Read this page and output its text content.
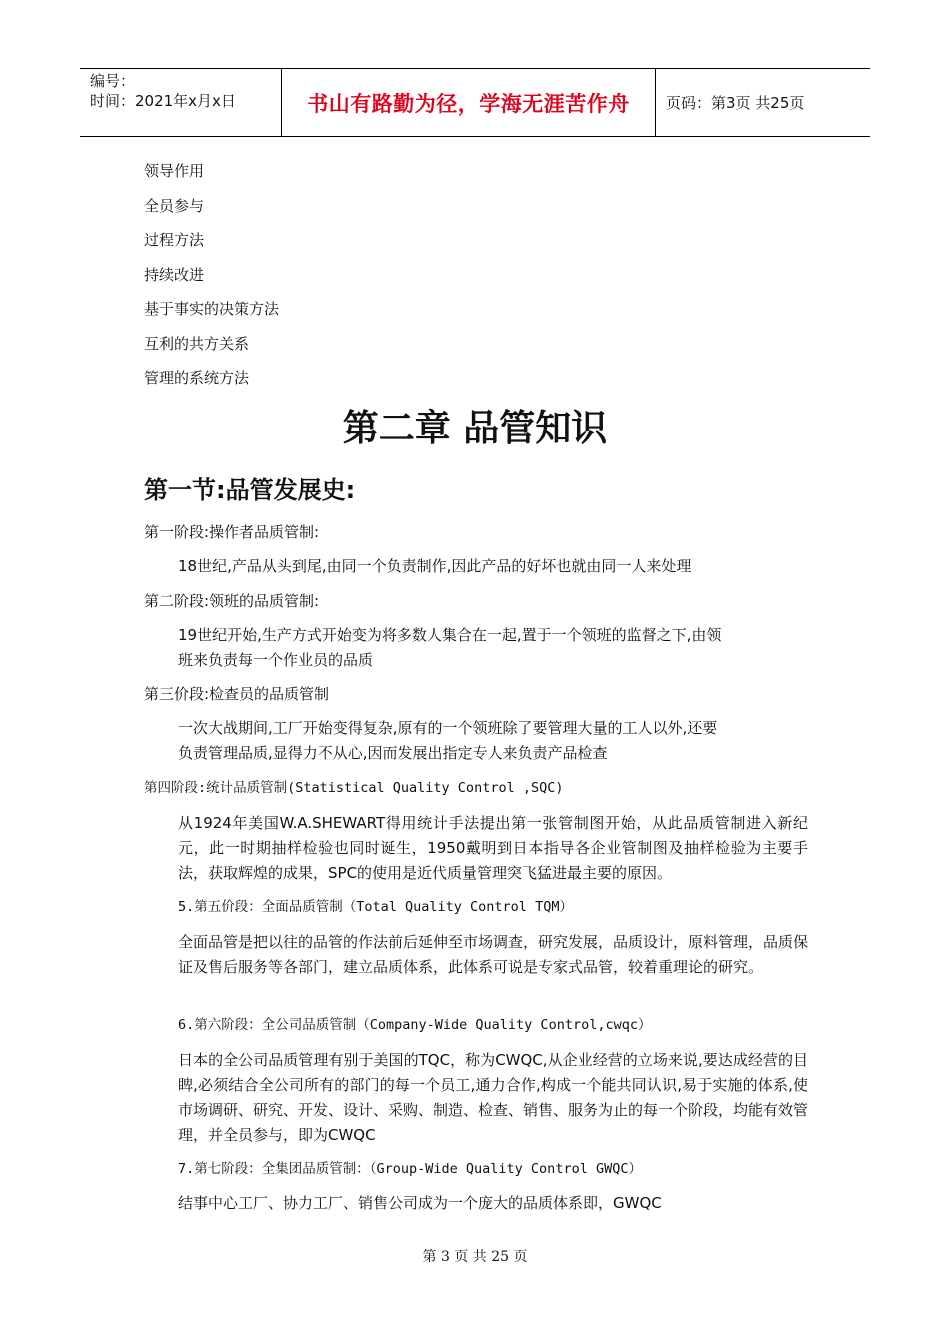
编号：
时间：2021年x月x日	书山有路勤为径，学海无涯苦作舟	页码：第3页 共25页
领导作用
全员参与
过程方法
持续改进
基于事实的决策方法
互利的共方关系
管理的系统方法
第二章 品管知识
第一节:品管发展史:
第一阶段:操作者品质管制:
18世纪,产品从头到尾,由同一个负责制作,因此产品的好坏也就由同一人来处理
第二阶段:领班的品质管制:
19世纪开始,生产方式开始变为将多数人集合在一起,置于一个领班的监督之下,由领
班来负责每一个作业员的品质
第三价段:检查员的品质管制
一次大战期间,工厂开始变得复杂,原有的一个领班除了要管理大量的工人以外,还要
负责管理品质,显得力不从心,因而发展出指定专人来负责产品检查
第四阶段:统计品质管制(Statistical Quality Control ,SQC)
从1924年美国W.A.SHEWART得用统计手法提出第一张管制图开始，从此品质管制进入新纪元，此一时期抽样检验也同时诞生，1950戴明到日本指导各企业管制图及抽样检验为主要手法，获取辉煌的成果，SPC的使用是近代质量管理突飞猛进最主要的原因。
5.第五价段：全面品质管制（Total Quality Control TQM）
全面品管是把以往的品管的作法前后延伸至市场调查，研究发展，品质设计，原料管理，品质保证及售后服务等各部门，建立品质体系，此体系可说是专家式品管，较着重理论的研究。
6.第六阶段：全公司品质管制（Company-Wide Quality Control,cwqc）
日本的全公司品质管理有别于美国的TQC，称为CWQC,从企业经营的立场来说,要达成经营的目睥,必须结合全公司所有的部门的每一个员工,通力合作,构成一个能共同认识,易于实施的体系,使市场调研、研究、开发、设计、采购、制造、检查、销售、服务为止的每一个阶段，均能有效管理，并全员参与，即为CWQC
7.第七阶段：全集团品质管制：（Group-Wide Quality Control GWQC）
结事中心工厂、协力工厂、销售公司成为一个庞大的品质体系即，GWQC
第 3 页 共 25 页
